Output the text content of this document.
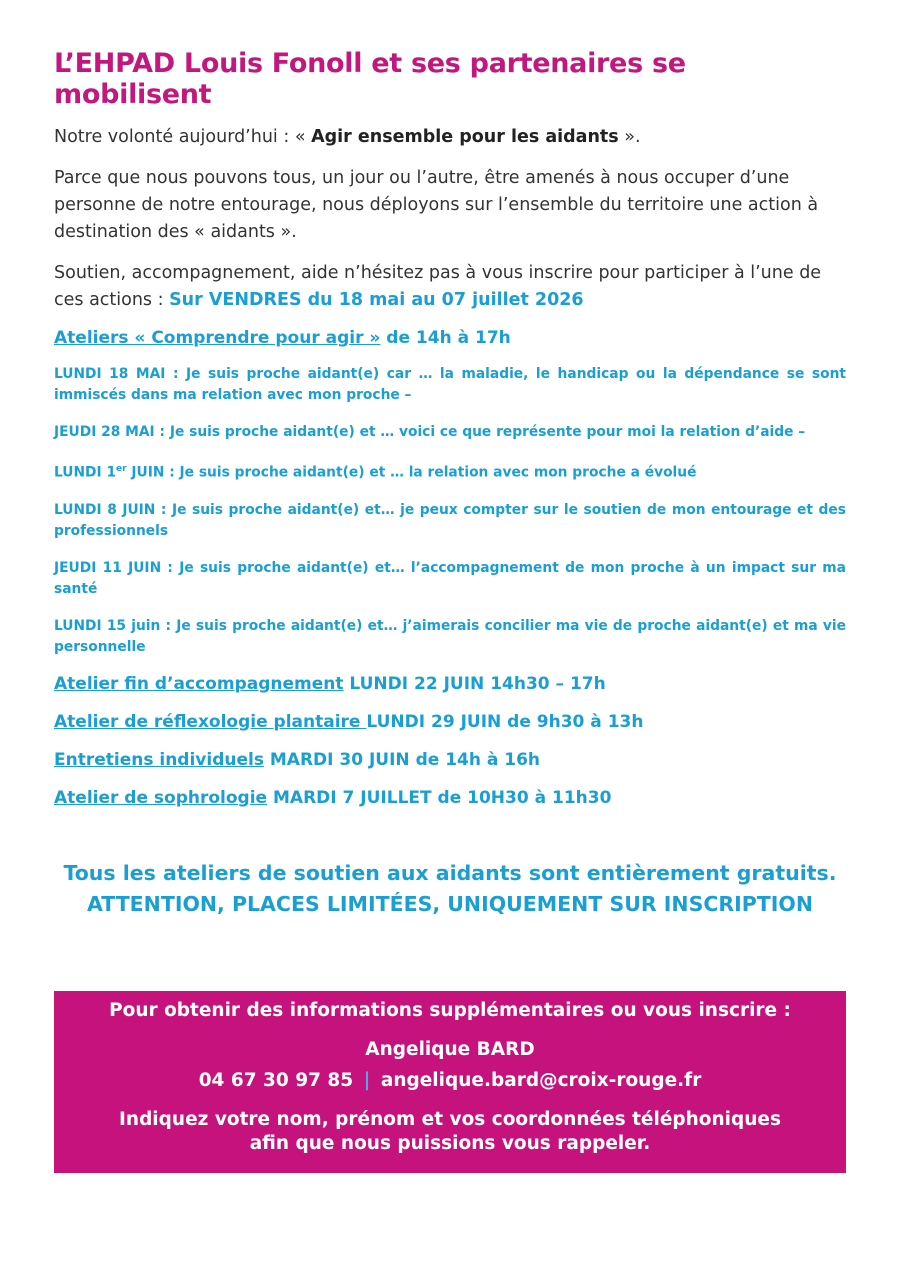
L’EHPAD Louis Fonoll et ses partenaires se mobilisent

Notre volonté aujourd’hui : « Agir ensemble pour les aidants ».

Parce que nous pouvons tous, un jour ou l’autre, être amenés à nous occuper d’une personne de notre entourage, nous déployons sur l’ensemble du territoire une action à destination des « aidants ».

Soutien, accompagnement, aide n’hésitez pas à vous inscrire pour participer à l’une de ces actions : Sur VENDRES du 18 mai au 07 juillet 2026

Ateliers « Comprendre pour agir » de 14h à 17h
LUNDI 18 MAI : Je suis proche aidant(e) car … la maladie, le handicap ou la dépendance se sont immiscés dans ma relation avec mon proche –
JEUDI 28 MAI : Je suis proche aidant(e) et … voici ce que représente pour moi la relation d’aide –
LUNDI 1er JUIN : Je suis proche aidant(e) et … la relation avec mon proche a évolué
LUNDI 8 JUIN : Je suis proche aidant(e) et… je peux compter sur le soutien de mon entourage et des professionnels
JEUDI 11 JUIN : Je suis proche aidant(e) et… l’accompagnement de mon proche à un impact sur ma santé
LUNDI 15 juin : Je suis proche aidant(e) et… j’aimerais concilier ma vie de proche aidant(e) et ma vie personnelle
Atelier fin d’accompagnement LUNDI 22 JUIN 14h30 – 17h
Atelier de réflexologie plantaire LUNDI 29 JUIN de 9h30 à 13h
Entretiens individuels MARDI 30 JUIN de 14h à 16h
Atelier de sophrologie MARDI 7 JUILLET de 10H30 à 11h30
Tous les ateliers de soutien aux aidants sont entièrement gratuits.
ATTENTION, PLACES LIMITÉES, UNIQUEMENT SUR INSCRIPTION
Pour obtenir des informations supplémentaires ou vous inscrire :
Angelique BARD
04 67 30 97 85 | angelique.bard@croix-rouge.fr
Indiquez votre nom, prénom et vos coordonnées téléphoniques
afin que nous puissions vous rappeler.
